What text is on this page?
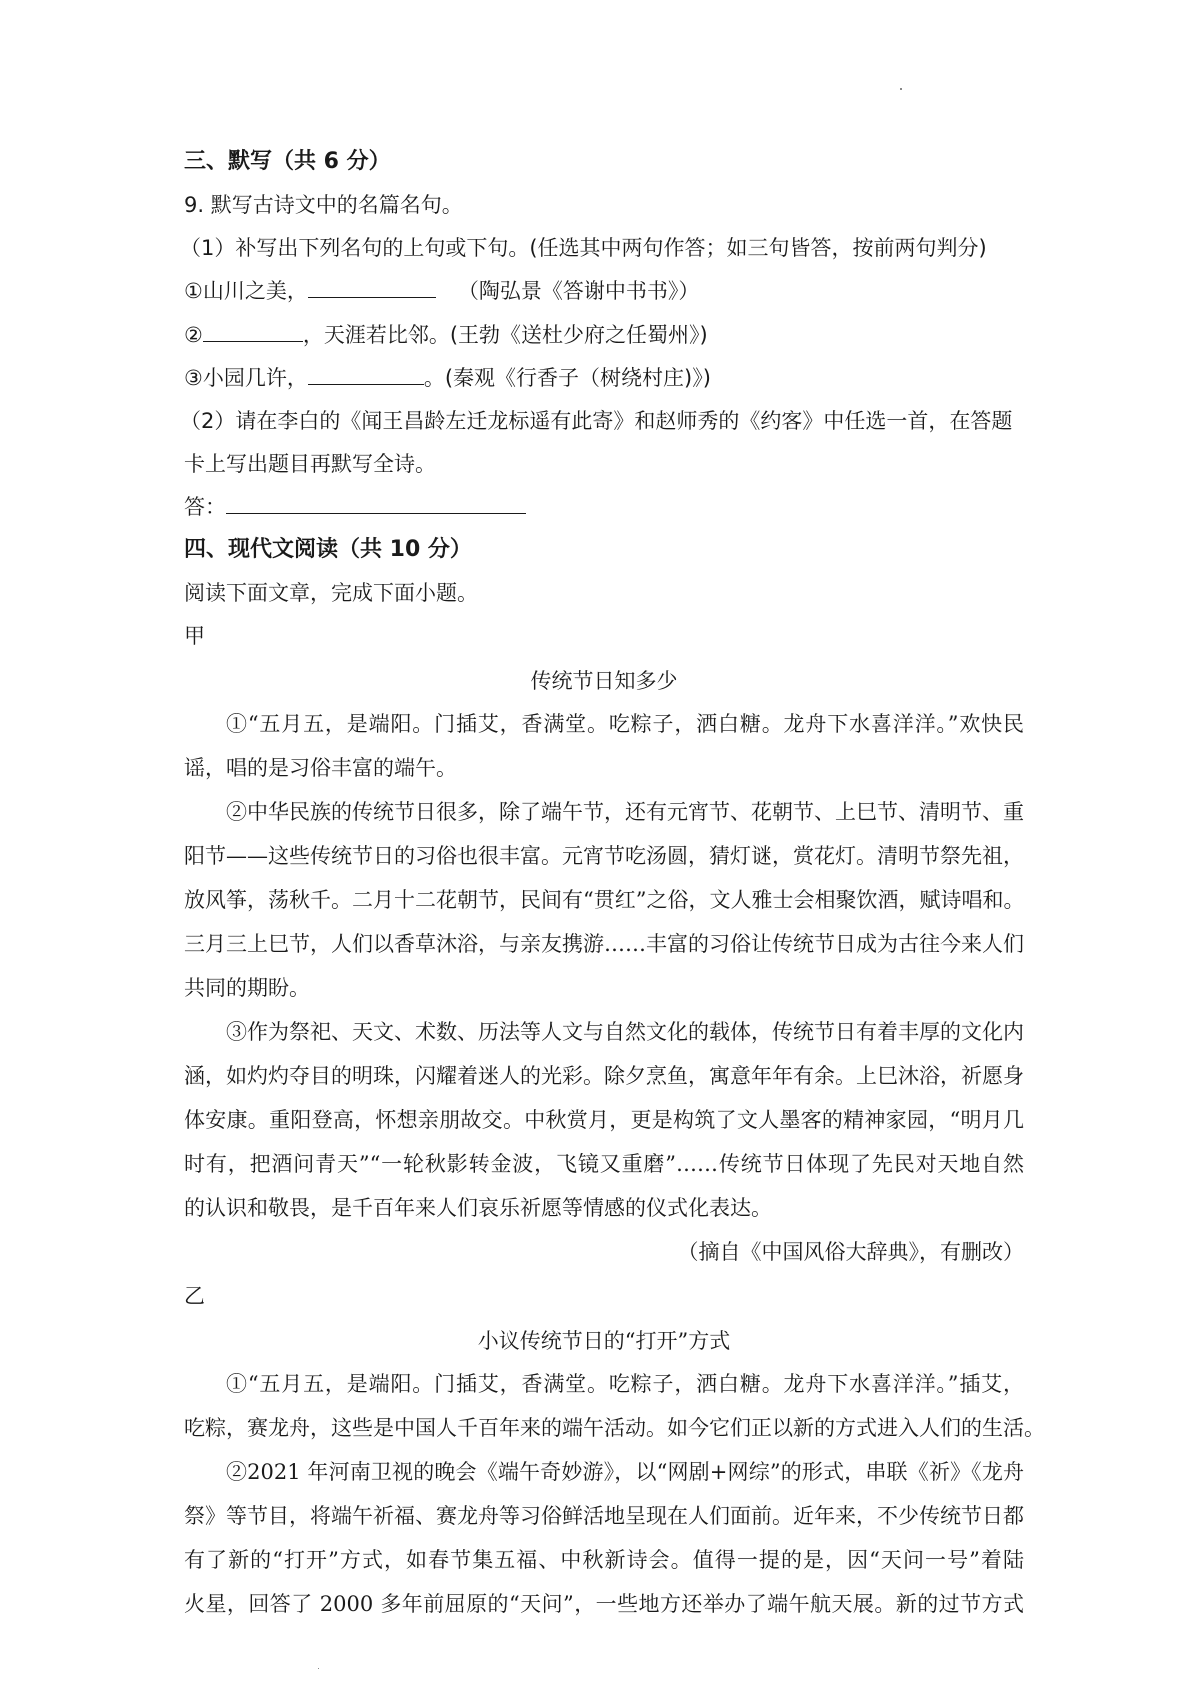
三、默写（共 6 分）
9. 默写古诗文中的名篇名句。
（1）补写出下列名句的上句或下句。(任选其中两句作答；如三句皆答，按前两句判分)
①山川之美，	（陶弘景《答谢中书书》）
②	，天涯若比邻。(王勃《送杜少府之任蜀州》)
③小园几许，	。(秦观《行香子（树绕村庄)》)
（2）请在李白的《闻王昌龄左迁龙标遥有此寄》和赵师秀的《约客》中任选一首，在答题
卡上写出题目再默写全诗。
答：
四、现代文阅读（共 10 分）
阅读下面文章，完成下面小题。
甲
传统节日知多少
①“五月五，是端阳。门插艾，香满堂。吃粽子，洒白糖。龙舟下水喜洋洋。”欢快民
谣，唱的是习俗丰富的端午。
②中华民族的传统节日很多，除了端午节，还有元宵节、花朝节、上巳节、清明节、重
阳节——这些传统节日的习俗也很丰富。元宵节吃汤圆，猜灯谜，赏花灯。清明节祭先祖，
放风筝，荡秋千。二月十二花朝节，民间有“贯红”之俗，文人雅士会相聚饮酒，赋诗唱和。
三月三上巳节，人们以香草沐浴，与亲友携游……丰富的习俗让传统节日成为古往今来人们
共同的期盼。
③作为祭祀、天文、术数、历法等人文与自然文化的载体，传统节日有着丰厚的文化内
涵，如灼灼夺目的明珠，闪耀着迷人的光彩。除夕烹鱼，寓意年年有余。上巳沐浴，祈愿身
体安康。重阳登高，怀想亲朋故交。中秋赏月，更是构筑了文人墨客的精神家园，“明月几
时有，把酒问青天”“一轮秋影转金波，飞镜又重磨”……传统节日体现了先民对天地自然
的认识和敬畏，是千百年来人们哀乐祈愿等情感的仪式化表达。
（摘自《中国风俗大辞典》，有删改）
乙
小议传统节日的“打开”方式
①“五月五，是端阳。门插艾，香满堂。吃粽子，洒白糖。龙舟下水喜洋洋。”插艾，
吃粽，赛龙舟，这些是中国人千百年来的端午活动。如今它们正以新的方式进入人们的生活。
②2021 年河南卫视的晚会《端午奇妙游》，以“网剧+网综”的形式，串联《祈》《龙舟
祭》等节目，将端午祈福、赛龙舟等习俗鲜活地呈现在人们面前。近年来，不少传统节日都
有了新的“打开”方式，如春节集五福、中秋新诗会。值得一提的是，因“天问一号”着陆
火星，回答了 2000 多年前屈原的“天问”，一些地方还举办了端午航天展。新的过节方式
